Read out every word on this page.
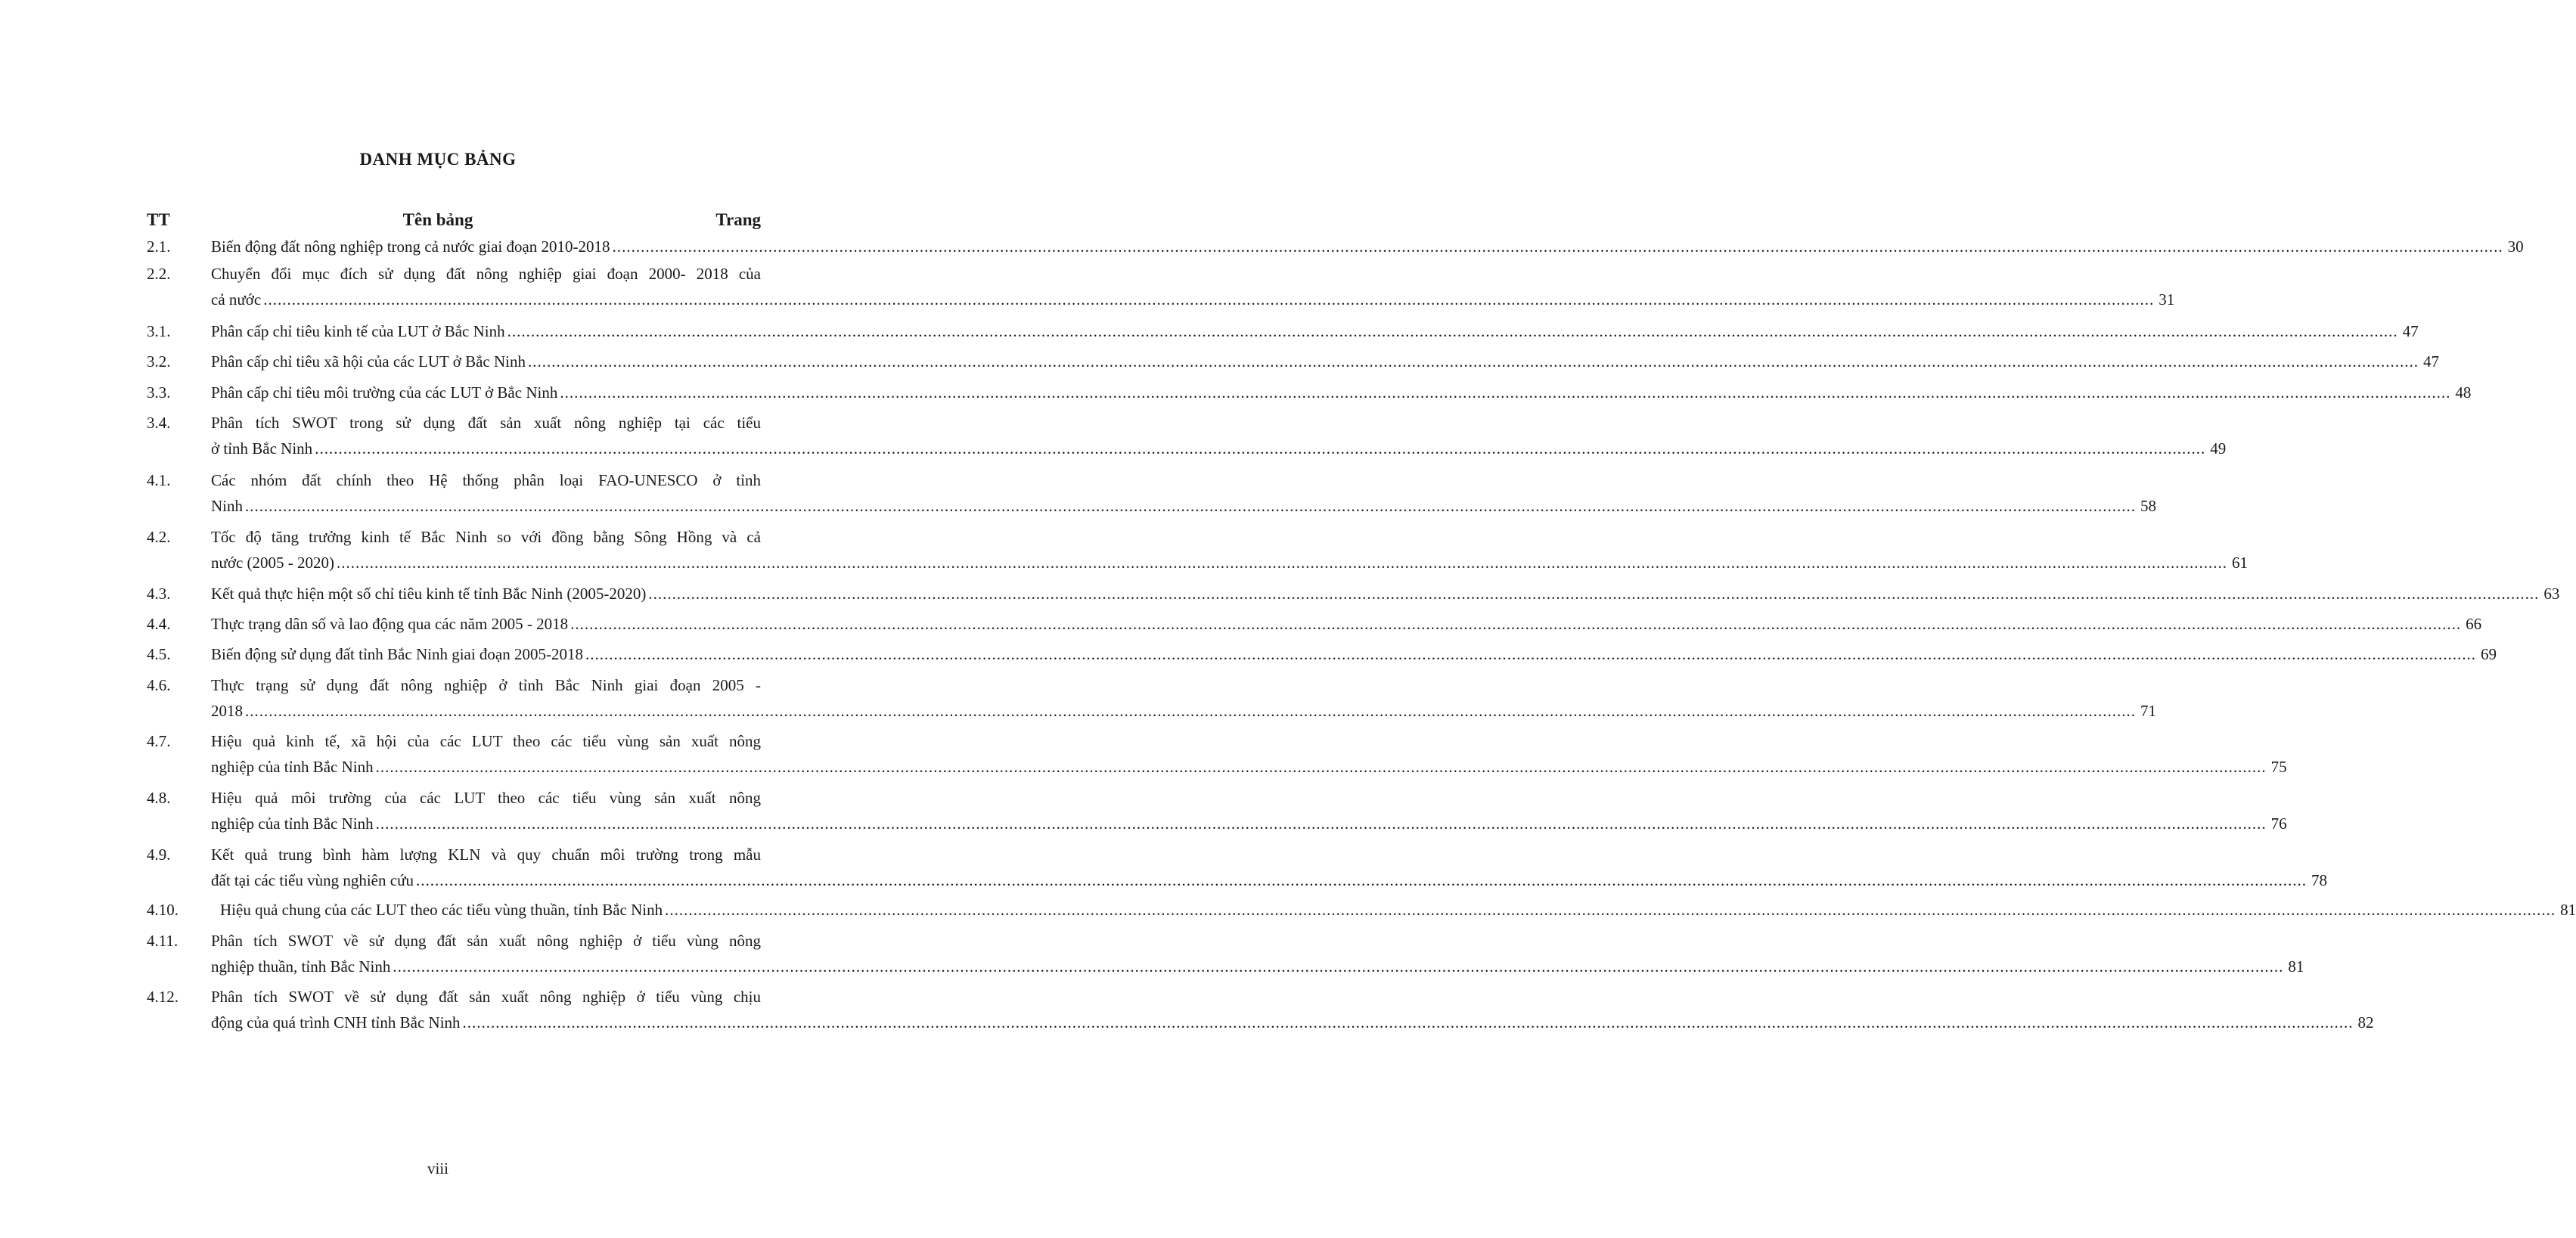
DANH MỤC BẢNG
TT	Tên bảng	Trang
2.1.	Biến động đất nông nghiệp trong cả nước giai đoạn 2010-2018 ................................................................................................................................................................................................................................................................................................................................................................................................................ 30
2.2.	Chuyển đổi mục đích sử dụng đất nông nghiệp giai đoạn 2000- 2018 của
cả nước ................................................................................................................................................................................................................................................................................................................................................................................................................ 31
3.1.	Phân cấp chỉ tiêu kinh tế của LUT ở Bắc Ninh ................................................................................................................................................................................................................................................................................................................................................................................................................ 47
3.2.	Phân cấp chỉ tiêu xã hội của các LUT ở Bắc Ninh ................................................................................................................................................................................................................................................................................................................................................................................................................ 47
3.3.	Phân cấp chỉ tiêu môi trường của các LUT ở Bắc Ninh ................................................................................................................................................................................................................................................................................................................................................................................................................ 48
3.4.	Phân tích SWOT trong sử dụng đất sản xuất nông nghiệp tại các tiểu
ở tỉnh Bắc Ninh ................................................................................................................................................................................................................................................................................................................................................................................................................ 49
4.1.	Các nhóm đất chính theo Hệ thống phân loại FAO-UNESCO ở tỉnh
Ninh ................................................................................................................................................................................................................................................................................................................................................................................................................ 58
4.2.	Tốc độ tăng trưởng kinh tế Bắc Ninh so với đồng bằng Sông Hồng và cả
nước (2005 - 2020) ................................................................................................................................................................................................................................................................................................................................................................................................................ 61
4.3.	Kết quả thực hiện một số chỉ tiêu kinh tế tỉnh Bắc Ninh (2005-2020) ................................................................................................................................................................................................................................................................................................................................................................................................................ 63
4.4.	Thực trạng dân số và lao động qua các năm 2005 - 2018 ................................................................................................................................................................................................................................................................................................................................................................................................................ 66
4.5.	Biến động sử dụng đất tỉnh Bắc Ninh giai đoạn 2005-2018 ................................................................................................................................................................................................................................................................................................................................................................................................................ 69
4.6.	Thực trạng sử dụng đất nông nghiệp ở tỉnh Bắc Ninh giai đoạn 2005 -
2018 ................................................................................................................................................................................................................................................................................................................................................................................................................ 71
4.7.	Hiệu quả kinh tế, xã hội của các LUT theo các tiểu vùng sản xuất nông
nghiệp của tỉnh Bắc Ninh ................................................................................................................................................................................................................................................................................................................................................................................................................ 75
4.8.	Hiệu quả môi trường của các LUT theo các tiểu vùng sản xuất nông
nghiệp của tỉnh Bắc Ninh ................................................................................................................................................................................................................................................................................................................................................................................................................ 76
4.9.	Kết quả trung bình hàm lượng KLN và quy chuẩn môi trường trong mẫu
đất tại các tiểu vùng nghiên cứu ................................................................................................................................................................................................................................................................................................................................................................................................................ 78
4.10.	Hiệu quả chung của các LUT theo các tiểu vùng thuần, tỉnh Bắc Ninh ................................................................................................................................................................................................................................................................................................................................................................................................................ 81
4.11. Phân tích SWOT về sử dụng đất sản xuất nông nghiệp ở tiểu vùng nông
nghiệp thuần, tỉnh Bắc Ninh ................................................................................................................................................................................................................................................................................................................................................................................................................ 81
4.12. Phân tích SWOT về sử dụng đất sản xuất nông nghiệp ở tiểu vùng chịu
động của quá trình CNH tỉnh Bắc Ninh ................................................................................................................................................................................................................................................................................................................................................................................................................ 82
viii
